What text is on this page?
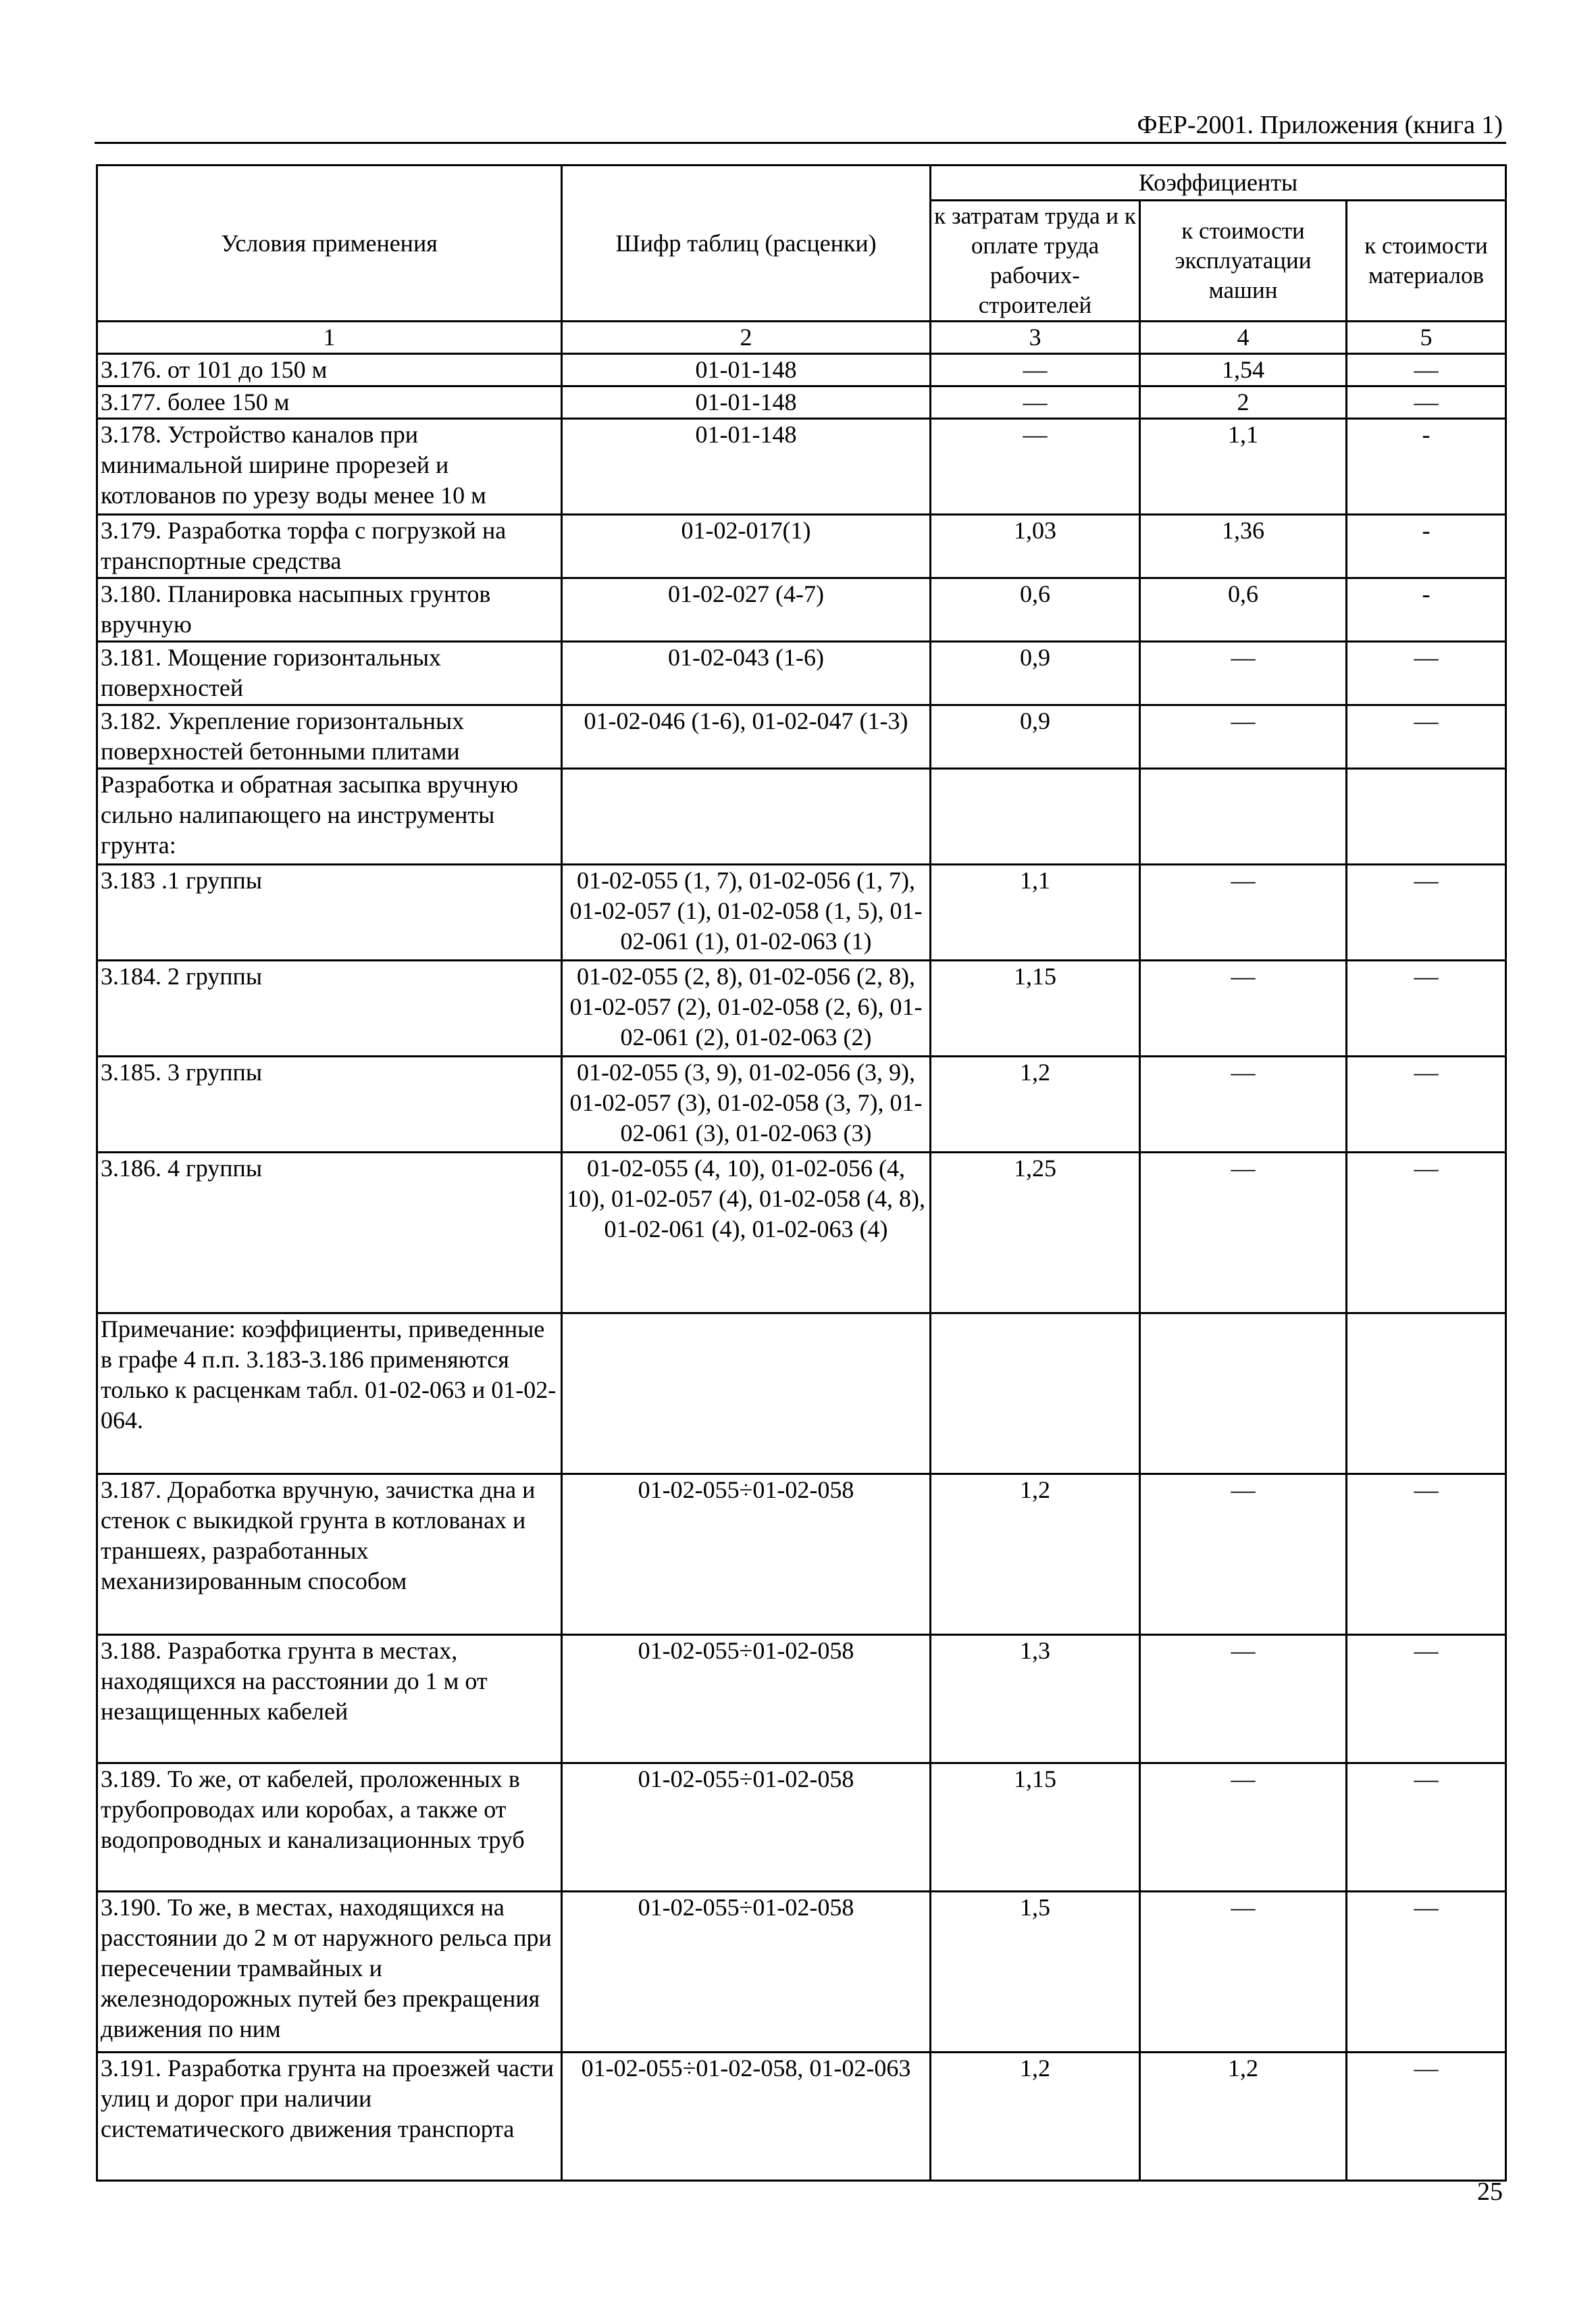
ФЕР-2001. Приложения (книга 1)
Условия применения	Шифр таблиц (расценки)	Коэффициенты		
		к затратам труда и к оплате труда рабочих-строителей	к стоимости эксплуатации машин	к стоимости материалов
1	2	3	4	5
3.176. от 101 до 150 м	01-01-148	—	1,54	—
3.177. более 150 м	01-01-148	—	2	—
3.178. Устройство каналов при минимальной ширине прорезей и котлованов по урезу воды менее 10 м	01-01-148	—	1,1	-
3.179. Разработка торфа с погрузкой на транспортные средства	01-02-017(1)	1,03	1,36	-
3.180. Планировка насыпных грунтов вручную	01-02-027 (4-7)	0,6	0,6	-
3.181. Мощение горизонтальных поверхностей	01-02-043 (1-6)	0,9	—	—
3.182. Укрепление горизонтальных поверхностей бетонными плитами	01-02-046 (1-6), 01-02-047 (1-3)	0,9	—	—
Разработка и обратная засыпка вручную сильно налипающего на инструменты грунта:				
3.183 .1 группы	01-02-055 (1, 7), 01-02-056 (1, 7), 01-02-057 (1), 01-02-058 (1, 5), 01-02-061 (1), 01-02-063 (1)	1,1	—	—
3.184. 2 группы	01-02-055 (2, 8), 01-02-056 (2, 8), 01-02-057 (2), 01-02-058 (2, 6), 01-02-061 (2), 01-02-063 (2)	1,15	—	—
3.185. 3 группы	01-02-055 (3, 9), 01-02-056 (3, 9), 01-02-057 (3), 01-02-058 (3, 7), 01-02-061 (3), 01-02-063 (3)	1,2	—	—
3.186. 4 группы	01-02-055 (4, 10), 01-02-056 (4, 10), 01-02-057 (4), 01-02-058 (4, 8), 01-02-061 (4), 01-02-063 (4)	1,25	—	—
Примечание: коэффициенты, приведенные в графе 4 п.п. 3.183-3.186 применяются только к расценкам табл. 01-02-063 и 01-02-064.				
3.187. Доработка вручную, зачистка дна и стенок с выкидкой грунта в котлованах и траншеях, разработанных механизированным способом	01-02-055÷01-02-058	1,2	—	—
3.188. Разработка грунта в местах, находящихся на расстоянии до 1 м от незащищенных кабелей	01-02-055÷01-02-058	1,3	—	—
3.189. То же, от кабелей, проложенных в трубопроводах или коробах, а также от водопроводных и канализационных труб	01-02-055÷01-02-058	1,15	—	—
3.190. То же, в местах, находящихся на расстоянии до 2 м от наружного рельса при пересечении трамвайных и железнодорожных путей без прекращения движения по ним	01-02-055÷01-02-058	1,5	—	—
3.191. Разработка грунта на проезжей части улиц и дорог при наличии систематического движения транспорта	01-02-055÷01-02-058, 01-02-063	1,2	1,2	—
25
